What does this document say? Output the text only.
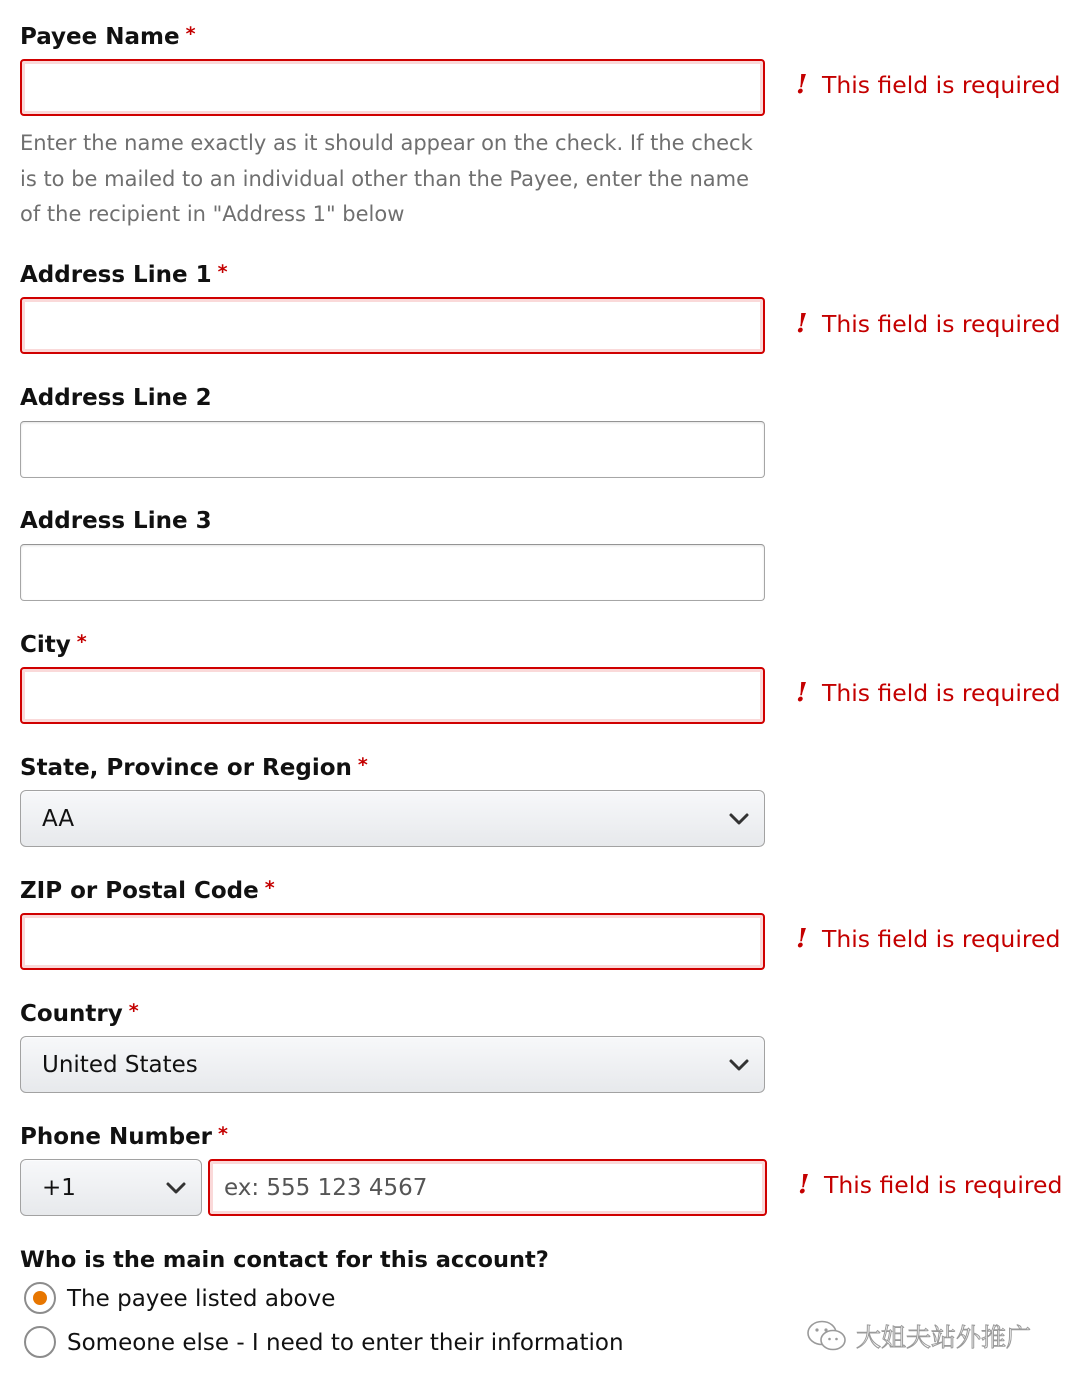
Payee Name *
! This field is required
Enter the name exactly as it should appear on the check. If the check
is to be mailed to an individual other than the Payee, enter the name
of the recipient in "Address 1" below
Address Line 1 *
! This field is required
Address Line 2
Address Line 3
City *
! This field is required
State, Province or Region *
AA
ZIP or Postal Code *
! This field is required
Country *
United States
Phone Number *
+1
ex: 555 123 4567	! This field is required
Who is the main contact for this account?
The payee listed above
Someone else - I need to enter their information	大姐夫站外推广
